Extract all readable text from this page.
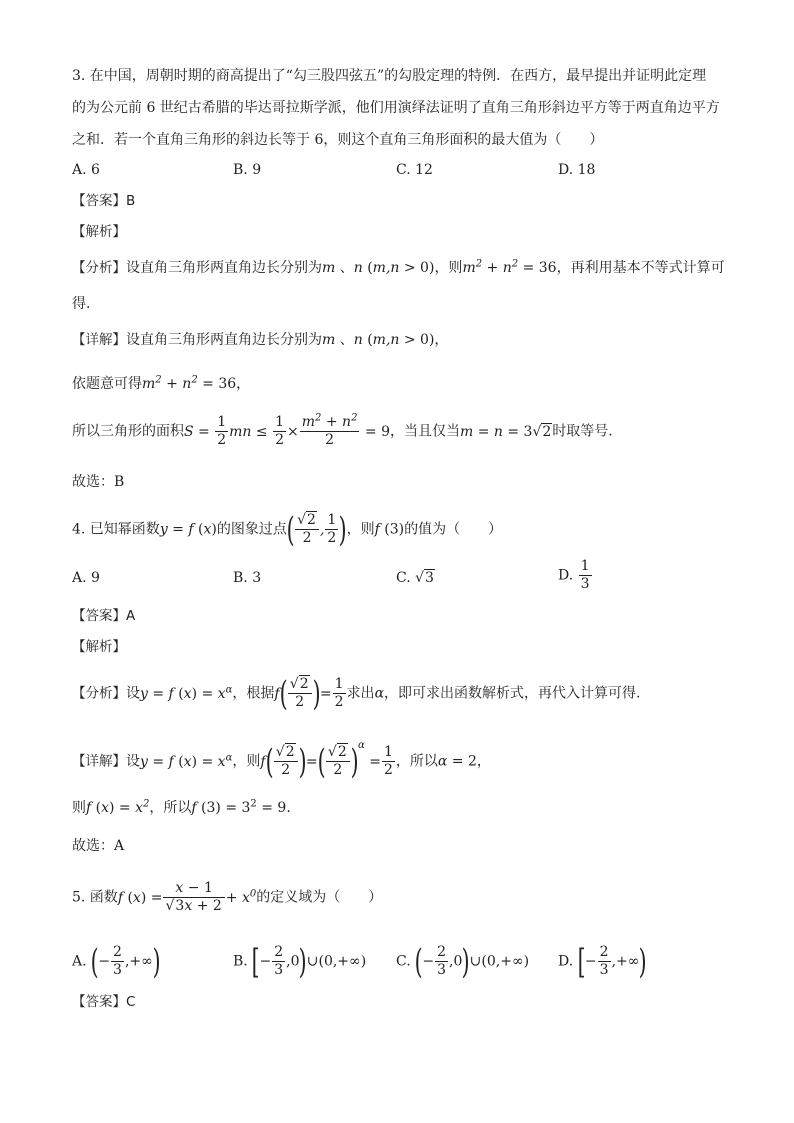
3. 在中国，周朝时期的商高提出了“勾三股四弦五”的勾股定理的特例．在西方，最早提出并证明此定理
的为公元前 6 世纪古希腊的毕达哥拉斯学派，他们用演绎法证明了直角三角形斜边平方等于两直角边平方
之和．若一个直角三角形的斜边长等于 6，则这个直角三角形面积的最大值为（　　）
A. 6	B. 9	C. 12	D. 18
【答案】B
【解析】
【分析】设直角三角形两直角边长分别为m 、n (m,n > 0)，则$m^2 + n^2 = 36$，再利用基本不等式计算可
得.
【详解】设直角三角形两直角边长分别为m 、n (m,n > 0)，
依题意可得$m^2 + n^2 = 36$，
所以三角形的面积$S = \frac{1}{2}$ mn ≤ $\frac{1}{2} \times \frac{m^2 + n^2}{2} = 9$，当且仅当m = n = 3√2时取等号.
故选：B
4. 已知幂函数y = f (x)的图象过点( $\frac{√2}{2}$ , $\frac{1}{2}$ )，则f (3)的值为（　　）
A. 9	B. 3	C. √3	D. $\frac{1}{3}$
【答案】A
【解析】
【分析】设y = f $(x) = x^\alpha$，根据$f( \frac{√2}{2}$ )= $\frac{1}{2}$ 求出α，即可求出函数解析式，再代入计算可得.
【详解】设y = f $(x) = x^\alpha$，则$f( \frac{√2}{2}$ )=( $\frac{√2}{2} )^\alpha = \frac{1}{2}$ ，所以α = 2，
则f $(x) = x^2$，所以f $(3) = 3^2 = 9$.
故选：A
5. 函数f $(x) = \frac{x - 1}{√3x + 2} + x^0$的定义域为（　　）
A. (− $\frac{2}{3}$ ,+∞)	B. [− $\frac{2}{3}$ ,0)∪(0,+∞) C. (− $\frac{2}{3}$ ,0)∪(0,+∞) D. [− $\frac{2}{3}$ ,+∞)
【答案】C
